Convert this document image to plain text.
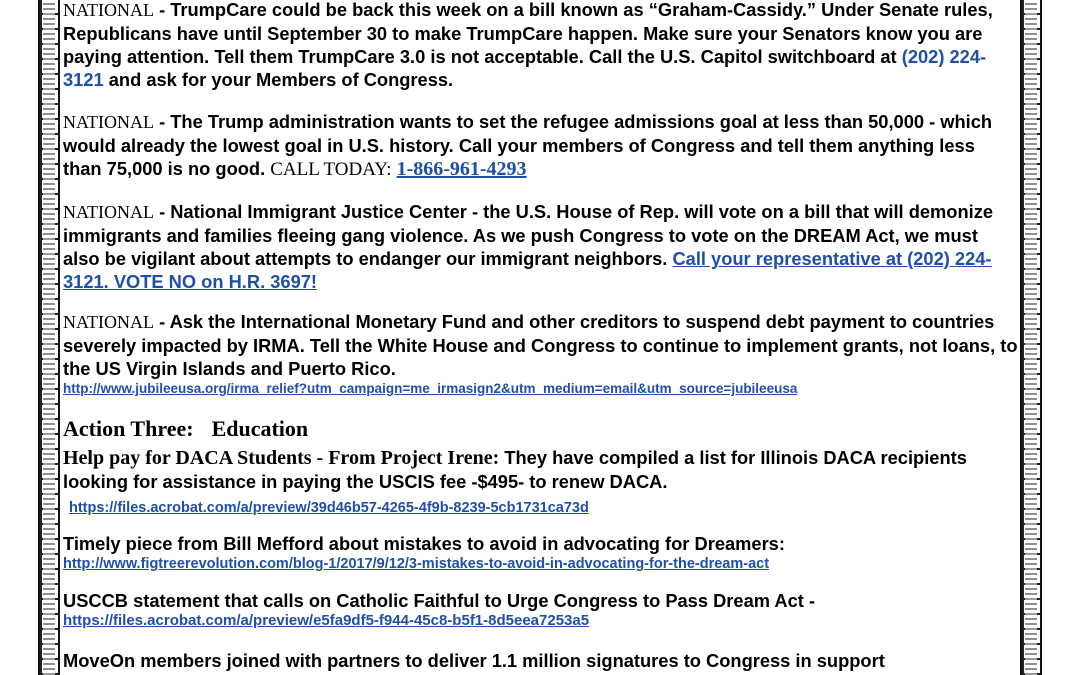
NATIONAL - TrumpCare could be back this week on a bill known as “Graham-Cassidy.” Under Senate rules, Republicans have until September 30 to make TrumpCare happen. Make sure your Senators know you are paying attention. Tell them TrumpCare 3.0 is not acceptable. Call the U.S. Capitol switchboard at (202) 224-3121 and ask for your Members of Congress.
NATIONAL - The Trump administration wants to set the refugee admissions goal at less than 50,000 - which would already the lowest goal in U.S. history. Call your members of Congress and tell them anything less than 75,000 is no good. CALL TODAY: 1-866-961-4293
NATIONAL - National Immigrant Justice Center - the U.S. House of Rep. will vote on a bill that will demonize immigrants and families fleeing gang violence. As we push Congress to vote on the DREAM Act, we must also be vigilant about attempts to endanger our immigrant neighbors. Call your representative at (202) 224-3121. VOTE NO on H.R. 3697!
NATIONAL - Ask the International Monetary Fund and other creditors to suspend debt payment to countries severely impacted by IRMA. Tell the White House and Congress to continue to implement grants, not loans, to the US Virgin Islands and Puerto Rico.
http://www.jubileeusa.org/irma_relief?utm_campaign=me_irmasign2&utm_medium=email&utm_source=jubileeusa
Action Three: Education
Help pay for DACA Students - From Project Irene: They have compiled a list for Illinois DACA recipients looking for assistance in paying the USCIS fee -$495- to renew DACA.
https://files.acrobat.com/a/preview/39d46b57-4265-4f9b-8239-5cb1731ca73d
Timely piece from Bill Mefford about mistakes to avoid in advocating for Dreamers:
http://www.figtreerevolution.com/blog-1/2017/9/12/3-mistakes-to-avoid-in-advocating-for-the-dream-act
USCCB statement that calls on Catholic Faithful to Urge Congress to Pass Dream Act -
https://files.acrobat.com/a/preview/e5fa9df5-f944-45c8-b5f1-8d5eea7253a5
MoveOn members joined with partners to deliver 1.1 million signatures to Congress in support
